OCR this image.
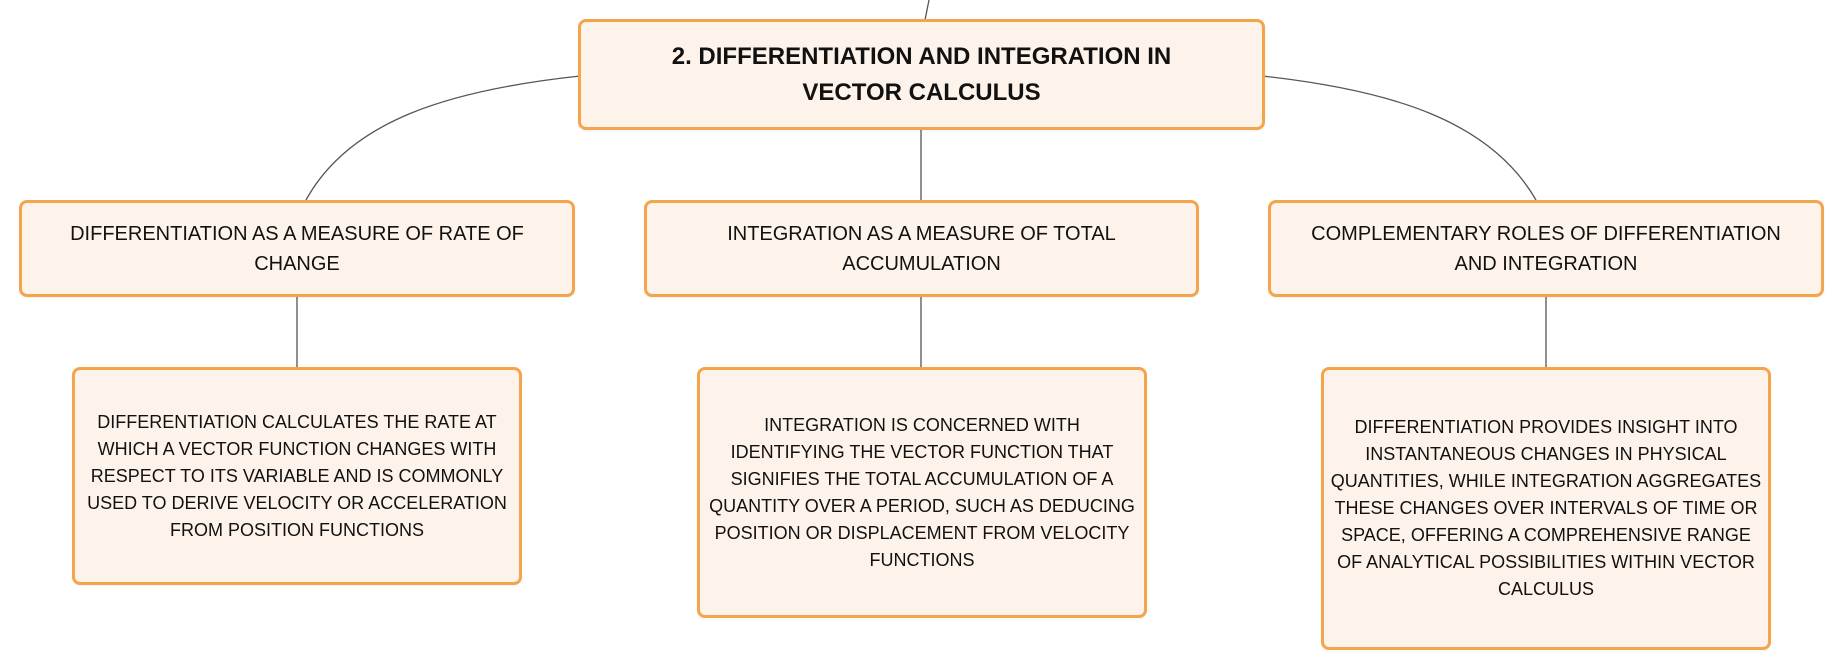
2. DIFFERENTIATION AND INTEGRATION IN VECTOR CALCULUS
DIFFERENTIATION AS A MEASURE OF RATE OF CHANGE
INTEGRATION AS A MEASURE OF TOTAL ACCUMULATION
COMPLEMENTARY ROLES OF DIFFERENTIATION AND INTEGRATION
DIFFERENTIATION CALCULATES THE RATE AT WHICH A VECTOR FUNCTION CHANGES WITH RESPECT TO ITS VARIABLE AND IS COMMONLY USED TO DERIVE VELOCITY OR ACCELERATION FROM POSITION FUNCTIONS
INTEGRATION IS CONCERNED WITH IDENTIFYING THE VECTOR FUNCTION THAT SIGNIFIES THE TOTAL ACCUMULATION OF A QUANTITY OVER A PERIOD, SUCH AS DEDUCING POSITION OR DISPLACEMENT FROM VELOCITY FUNCTIONS
DIFFERENTIATION PROVIDES INSIGHT INTO INSTANTANEOUS CHANGES IN PHYSICAL QUANTITIES, WHILE INTEGRATION AGGREGATES THESE CHANGES OVER INTERVALS OF TIME OR SPACE, OFFERING A COMPREHENSIVE RANGE OF ANALYTICAL POSSIBILITIES WITHIN VECTOR CALCULUS
